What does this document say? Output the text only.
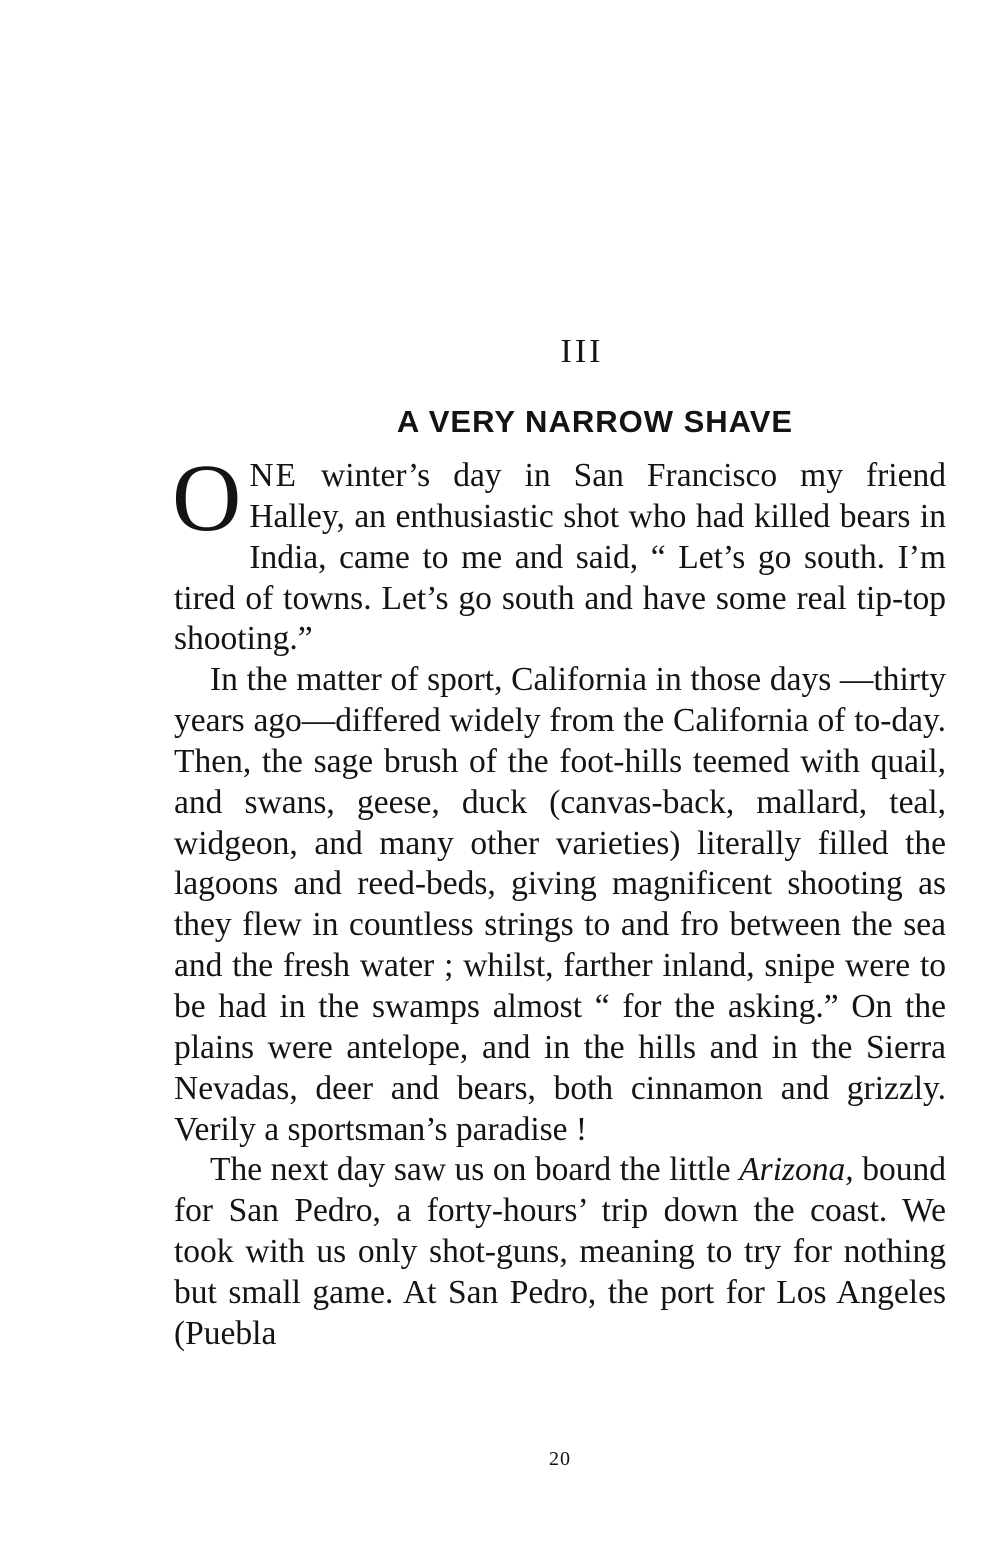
III
A VERY NARROW SHAVE

ONE winter’s day in San Francisco my friend Halley, an enthusiastic shot who had killed bears in India, came to me and said, “ Let’s go south. I’m tired of towns. Let’s go south and have some real tip-top shooting.”

In the matter of sport, California in those days —thirty years ago—differed widely from the California of to-day. Then, the sage brush of the foot-hills teemed with quail, and swans, geese, duck (canvas-back, mallard, teal, widgeon, and many other varieties) literally filled the lagoons and reed-beds, giving magnificent shooting as they flew in countless strings to and fro between the sea and the fresh water ; whilst, farther inland, snipe were to be had in the swamps almost “ for the asking.” On the plains were antelope, and in the hills and in the Sierra Nevadas, deer and bears, both cinnamon and grizzly. Verily a sportsman’s paradise !

The next day saw us on board the little Arizona, bound for San Pedro, a forty-hours’ trip down the coast. We took with us only shot-guns, meaning to try for nothing but small game. At San Pedro, the port for Los Angeles (Puebla

20
